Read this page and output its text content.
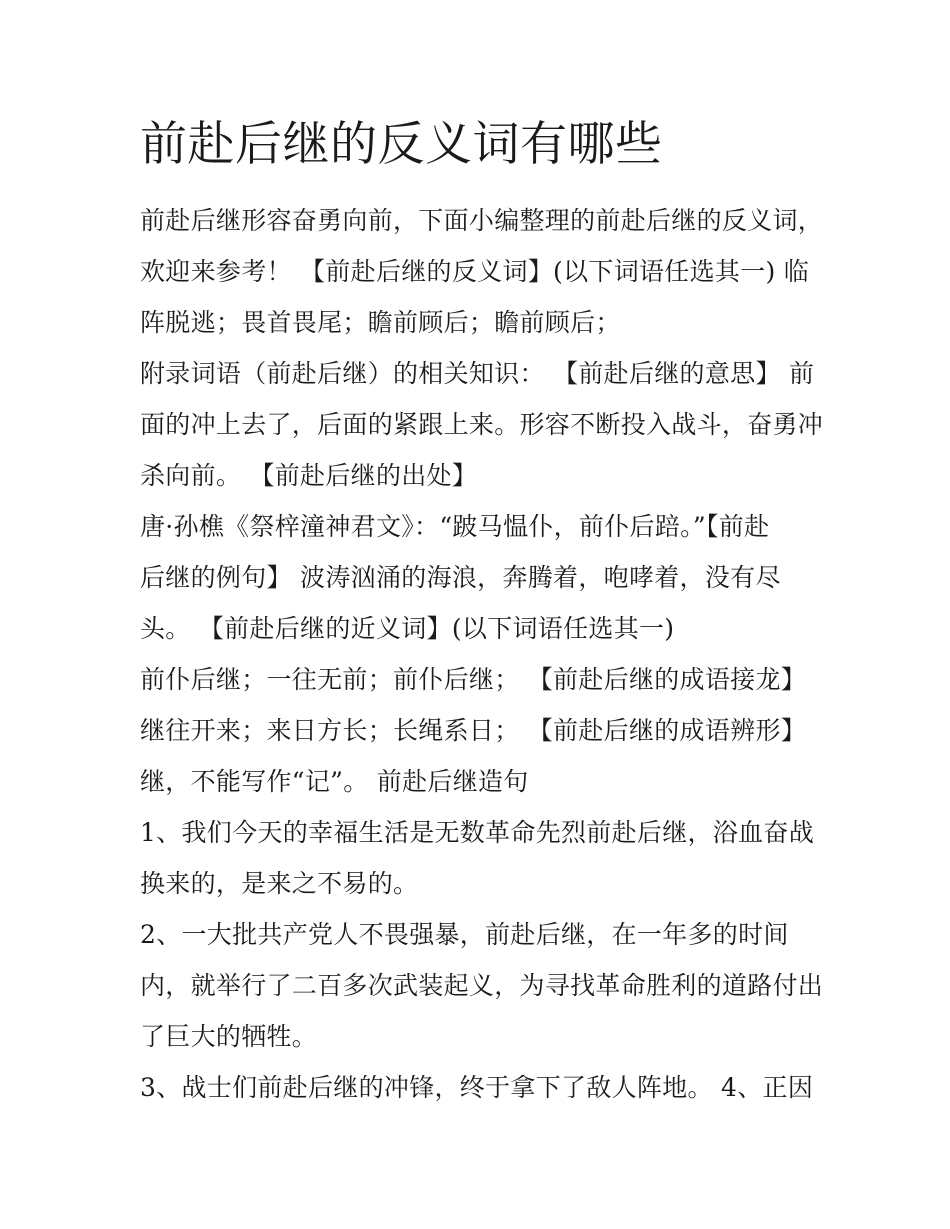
前赴后继的反义词有哪些
前赴后继形容奋勇向前，下面小编整理的前赴后继的反义词，
欢迎来参考！ 【前赴后继的反义词】(以下词语任选其一) 临
阵脱逃；畏首畏尾；瞻前顾后；瞻前顾后；
附录词语（前赴后继）的相关知识： 【前赴后继的意思】 前
面的冲上去了，后面的紧跟上来。形容不断投入战斗，奋勇冲
杀向前。 【前赴后继的出处】
唐·孙樵《祭梓潼神君文》：“跛马愠仆，前仆后踣。”【前赴
后继的例句】 波涛汹涌的海浪，奔腾着，咆哮着，没有尽
头。 【前赴后继的近义词】(以下词语任选其一)
前仆后继；一往无前；前仆后继； 【前赴后继的成语接龙】
继往开来；来日方长；长绳系日； 【前赴后继的成语辨形】
继，不能写作“记”。 前赴后继造句
1、我们今天的幸福生活是无数革命先烈前赴后继，浴血奋战
换来的，是来之不易的。
2、一大批共产党人不畏强暴，前赴后继，在一年多的时间
内，就举行了二百多次武装起义，为寻找革命胜利的道路付出
了巨大的牺牲。
3、战士们前赴后继的冲锋，终于拿下了敌人阵地。 4、正因
